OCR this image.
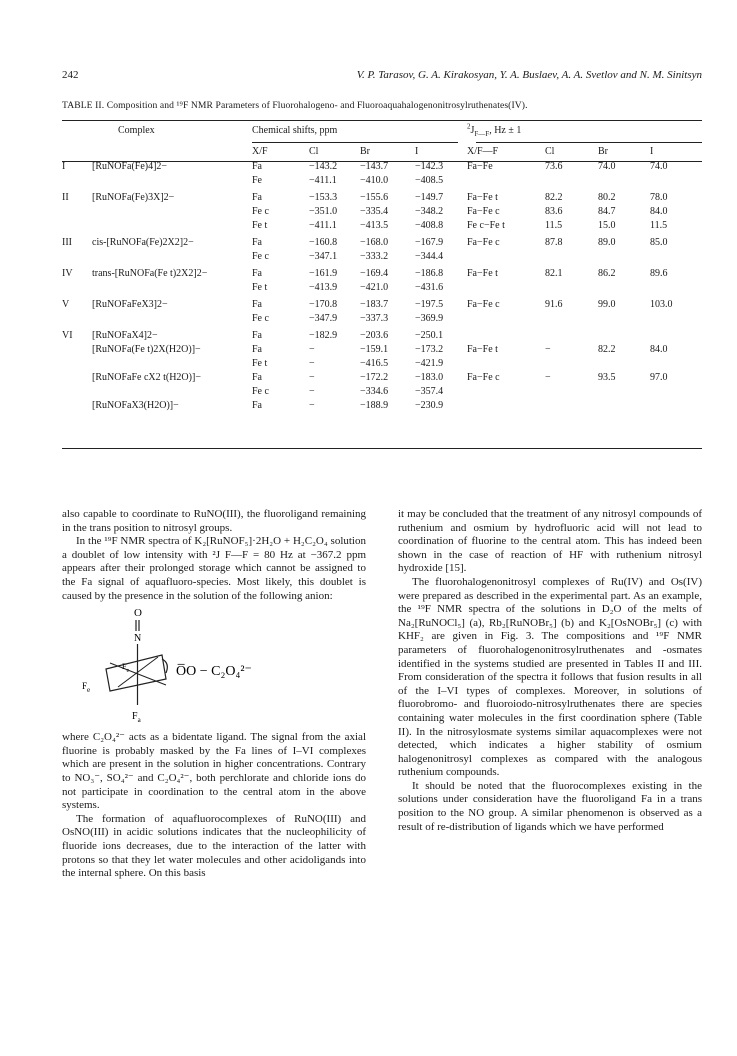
242	V. P. Tarasov, G. A. Kirakosyan, Y. A. Buslaev, A. A. Svetlov and N. M. Sinitsyn
TABLE II. Composition and ¹⁹F NMR Parameters of Fluorohalogeno- and Fluoroaquahalogenonitrosylruthenates(IV).
	Complex	Chemical shifts, ppm				$^2J_{F—F}$, Hz ± 1			
		X/F	Cl	Br	I	X/F—F	Cl	Br	I
I	[RuNOFa(Fe)4]2−	Fa	−143.2	−143.7	−142.3	Fa−Fe	73.6	74.0	74.0
		Fe	−411.1	−410.0	−408.5				

II	[RuNOFa(Fe)3X]2−	Fa	−153.3	−155.6	−149.7	Fa−Fe t	82.2	80.2	78.0
		Fe c	−351.0	−335.4	−348.2	Fa−Fe c	83.6	84.7	84.0
		Fe t	−411.1	−413.5	−408.8	Fe c−Fe t	11.5	15.0	11.5

III	cis-[RuNOFa(Fe)2X2]2−	Fa	−160.8	−168.0	−167.9	Fa−Fe c	87.8	89.0	85.0
		Fe c	−347.1	−333.2	−344.4				

IV	trans-[RuNOFa(Fe t)2X2]2−	Fa	−161.9	−169.4	−186.8	Fa−Fe t	82.1	86.2	89.6
		Fe t	−413.9	−421.0	−431.6				

V	[RuNOFaFeX3]2−	Fa	−170.8	−183.7	−197.5	Fa−Fe c	91.6	99.0	103.0
		Fe c	−347.9	−337.3	−369.9				

VI	[RuNOFaX4]2−	Fa	−182.9	−203.6	−250.1				
	[RuNOFa(Fe t)2X(H2O)]−	Fa	−	−159.1	−173.2	Fa−Fe t	−	82.2	84.0
		Fe t	−	−416.5	−421.9				
	[RuNOFaFe cX2 t(H2O)]−	Fa	−	−172.2	−183.0	Fa−Fe c	−	93.5	97.0
		Fe c	−	−334.6	−357.4				
	[RuNOFaX3(H2O)]−	Fa	−	−188.9	−230.9				

also capable to coordinate to RuNO(III), the fluoroligand remaining in the trans position to nitrosyl groups.

In the ¹⁹F NMR spectra of K₂[RuNOF₅]·2H₂O + H₂C₂O₄ solution a doublet of low intensity with ²J F—F = 80 Hz at −367.2 ppm appears after their prolonged storage which cannot be assigned to the Fa signal of aquafluoro-species. Most likely, this doublet is caused by the presence in the solution of the following anion:

O
N
$F_e$
$F_e$
$F_a$
O̅O − C₂O₄²⁻

where C₂O₄²⁻ acts as a bidentate ligand. The signal from the axial fluorine is probably masked by the Fa lines of I–VI complexes which are present in the solution in higher concentrations. Contrary to NO₃⁻, SO₄²⁻ and C₂O₄²⁻, both perchlorate and chloride ions do not participate in coordination to the central atom in the above systems.

The formation of aquafluorocomplexes of RuNO(III) and OsNO(III) in acidic solutions indicates that the nucleophilicity of fluoride ions decreases, due to the interaction of the latter with protons so that they let water molecules and other acidoligands into the internal sphere. On this basis

it may be concluded that the treatment of any nitrosyl compounds of ruthenium and osmium by hydrofluoric acid will not lead to coordination of fluorine to the central atom. This has indeed been shown in the case of reaction of HF with ruthenium nitrosyl hydroxide [15].

The fluorohalogenonitrosyl complexes of Ru(IV) and Os(IV) were prepared as described in the experimental part. As an example, the ¹⁹F NMR spectra of the solutions in D₂O of the melts of Na₂[RuNOCl₅] (a), Rb₂[RuNOBr₅] (b) and K₂[OsNOBr₅] (c) with KHF₂ are given in Fig. 3. The compositions and ¹⁹F NMR parameters of fluorohalogenonitrosylruthenates and -osmates identified in the systems studied are presented in Tables II and III. From consideration of the spectra it follows that fusion results in all of the I–VI types of complexes. Moreover, in solutions of fluorobromo- and fluoroiodo-nitrosylruthenates there are species containing water molecules in the first coordination sphere (Table II). In the nitrosylosmate systems similar aquacomplexes were not detected, which indicates a higher stability of osmium halogenonitrosyl complexes as compared with the analogous ruthenium compounds.

It should be noted that the fluorocomplexes existing in the solutions under consideration have the fluoroligand Fa in a trans position to the NO group. A similar phenomenon is observed as a result of re-distribution of ligands which we have performed
